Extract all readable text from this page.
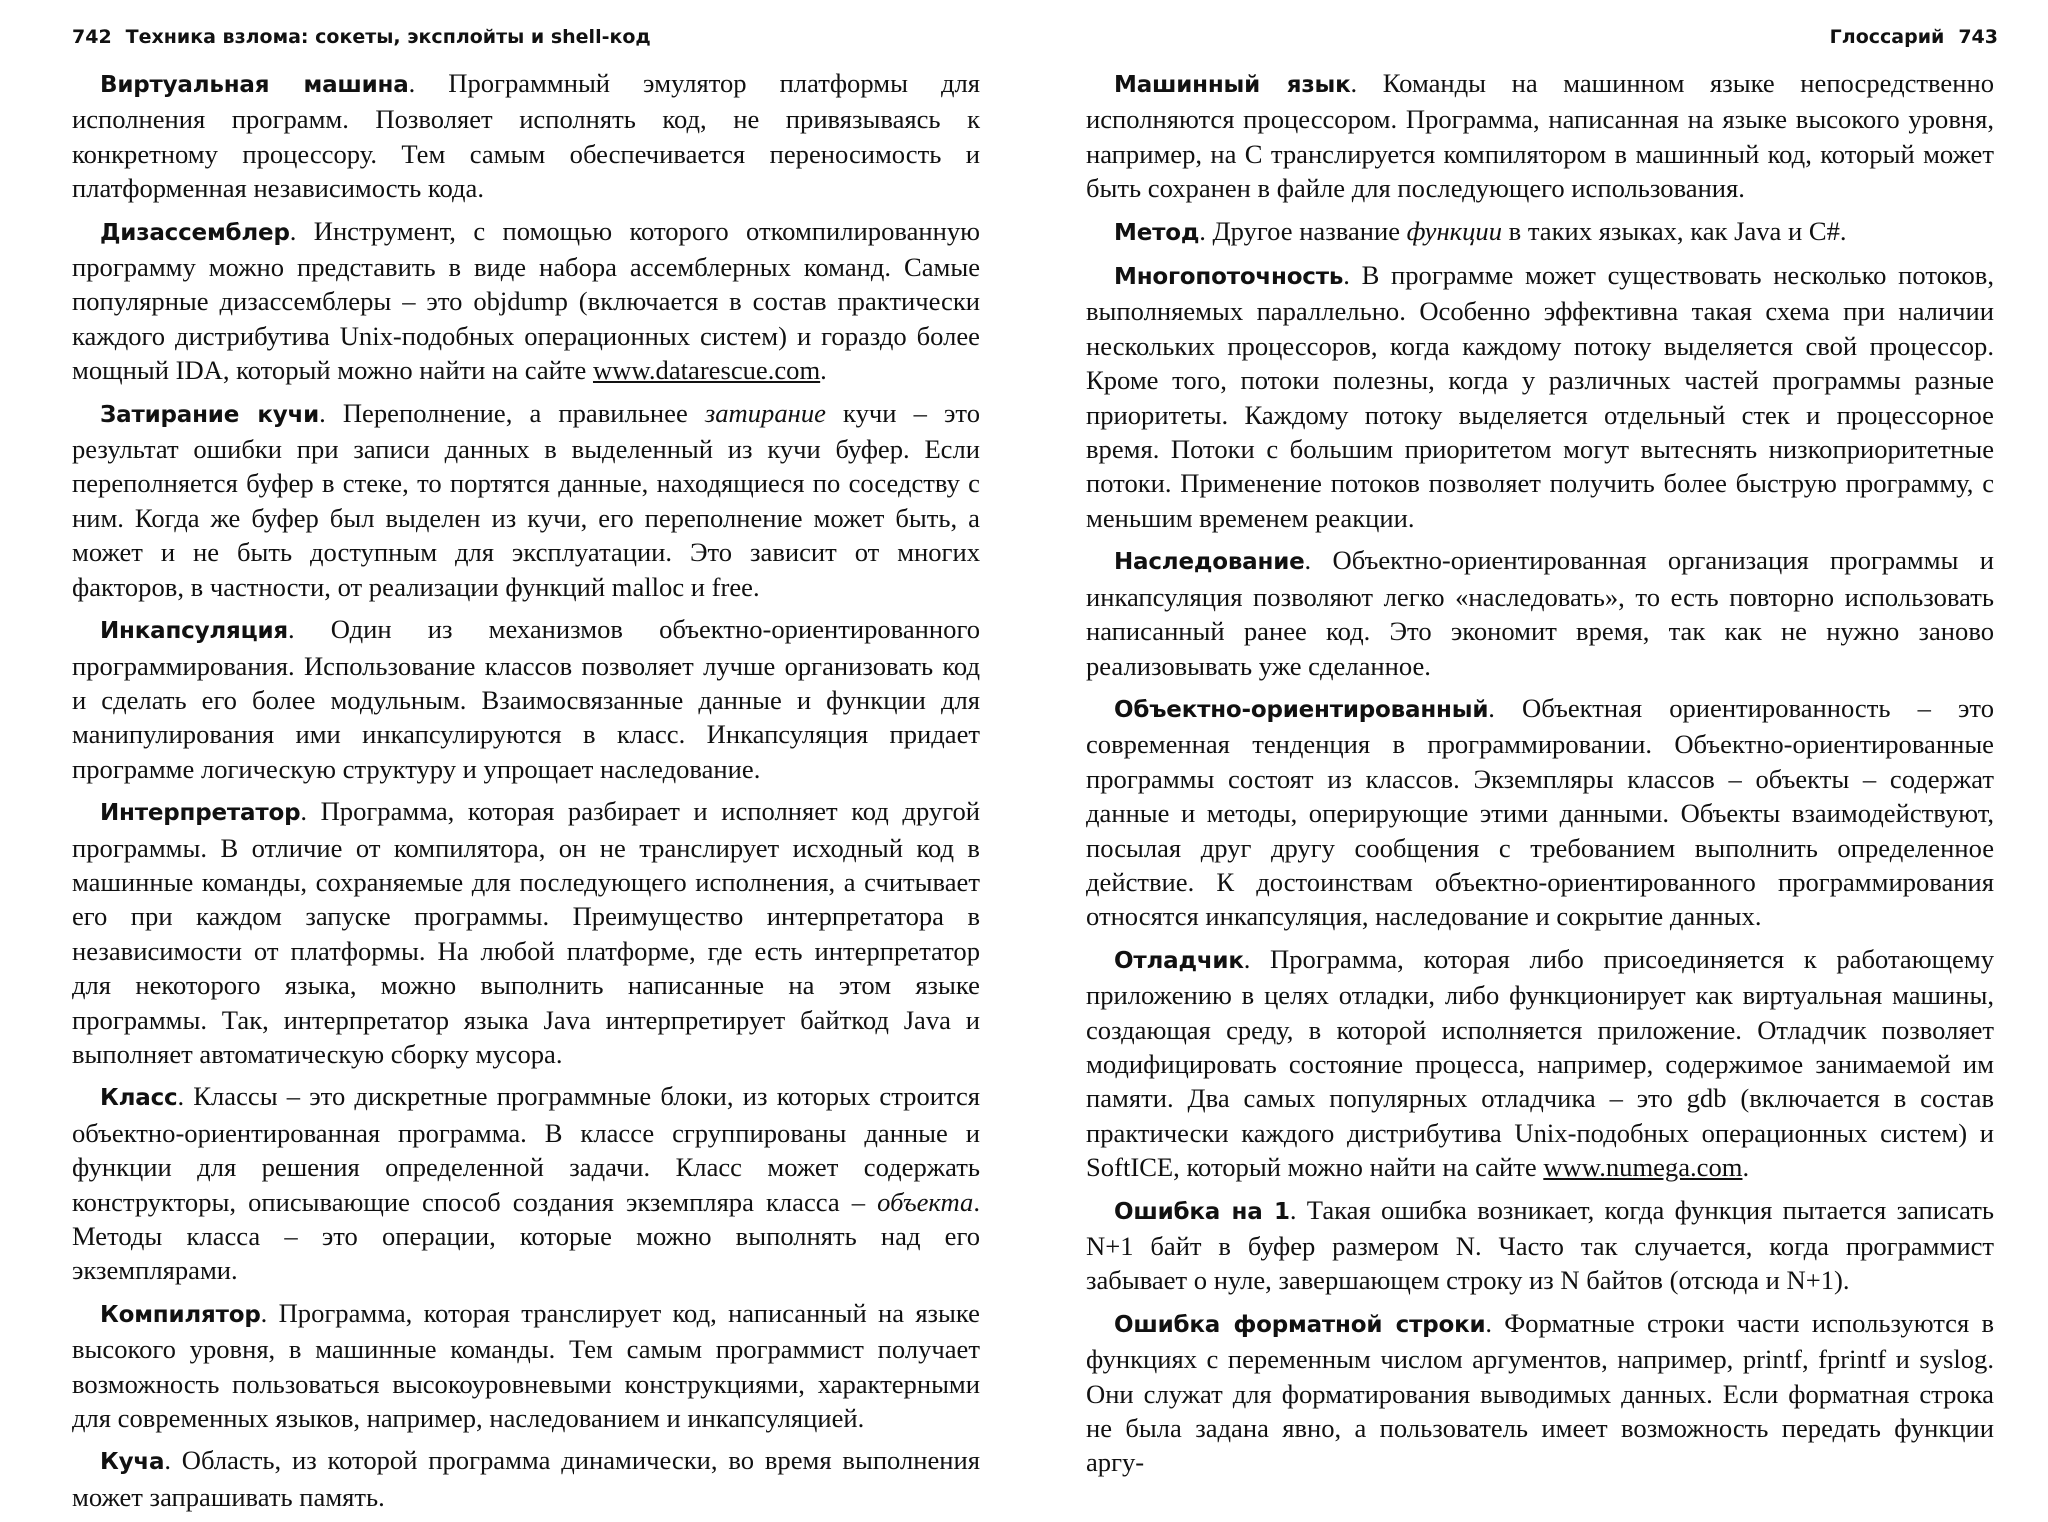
742 Техника взлома: сокеты, эксплойты и shell-код

Виртуальная машина. Программный эмулятор платформы для исполнения программ. Позволяет исполнять код, не привязываясь к конкретному процессору. Тем самым обеспечивается переносимость и платформенная независимость кода.

Дизассемблер. Инструмент, с помощью которого откомпилированную программу можно представить в виде набора ассемблерных команд. Самые популярные дизассемблеры – это objdump (включается в состав практически каждого дистрибутива Unix-подобных операционных систем) и гораздо более мощный IDA, который можно найти на сайте www.datarescue.com.

Затирание кучи. Переполнение, а правильнее затирание кучи – это результат ошибки при записи данных в выделенный из кучи буфер. Если переполняется буфер в стеке, то портятся данные, находящиеся по соседству с ним. Когда же буфер был выделен из кучи, его переполнение может быть, а может и не быть доступным для эксплуатации. Это зависит от многих факторов, в частности, от реализации функций malloc и free.

Инкапсуляция. Один из механизмов объектно-ориентированного программирования. Использование классов позволяет лучше организовать код и сделать его более модульным. Взаимосвязанные данные и функции для манипулирования ими инкапсулируются в класс. Инкапсуляция придает программе логическую структуру и упрощает наследование.

Интерпретатор. Программа, которая разбирает и исполняет код другой программы. В отличие от компилятора, он не транслирует исходный код в машинные команды, сохраняемые для последующего исполнения, а считывает его при каждом запуске программы. Преимущество интерпретатора в независимости от платформы. На любой платформе, где есть интерпретатор для некоторого языка, можно выполнить написанные на этом языке программы. Так, интерпретатор языка Java интерпретирует байткод Java и выполняет автоматическую сборку мусора.

Класс. Классы – это дискретные программные блоки, из которых строится объектно-ориентированная программа. В классе сгруппированы данные и функции для решения определенной задачи. Класс может содержать конструкторы, описывающие способ создания экземпляра класса – объекта. Методы класса – это операции, которые можно выполнять над его экземплярами.

Компилятор. Программа, которая транслирует код, написанный на языке высокого уровня, в машинные команды. Тем самым программист получает возможность пользоваться высокоуровневыми конструкциями, характерными для современных языков, например, наследованием и инкапсуляцией.

Куча. Область, из которой программа динамически, во время выполнения может запрашивать память.

Глоссарий 743

Машинный язык. Команды на машинном языке непосредственно исполняются процессором. Программа, написанная на языке высокого уровня, например, на C транслируется компилятором в машинный код, который может быть сохранен в файле для последующего использования.

Метод. Другое название функции в таких языках, как Java и C#.

Многопоточность. В программе может существовать несколько потоков, выполняемых параллельно. Особенно эффективна такая схема при наличии нескольких процессоров, когда каждому потоку выделяется свой процессор. Кроме того, потоки полезны, когда у различных частей программы разные приоритеты. Каждому потоку выделяется отдельный стек и процессорное время. Потоки с большим приоритетом могут вытеснять низкоприоритетные потоки. Применение потоков позволяет получить более быструю программу, с меньшим временем реакции.

Наследование. Объектно-ориентированная организация программы и инкапсуляция позволяют легко «наследовать», то есть повторно использовать написанный ранее код. Это экономит время, так как не нужно заново реализовывать уже сделанное.

Объектно-ориентированный. Объектная ориентированность – это современная тенденция в программировании. Объектно-ориентированные программы состоят из классов. Экземпляры классов – объекты – содержат данные и методы, оперирующие этими данными. Объекты взаимодействуют, посылая друг другу сообщения с требованием выполнить определенное действие. К достоинствам объектно-ориентированного программирования относятся инкапсуляция, наследование и сокрытие данных.

Отладчик. Программа, которая либо присоединяется к работающему приложению в целях отладки, либо функционирует как виртуальная машины, создающая среду, в которой исполняется приложение. Отладчик позволяет модифицировать состояние процесса, например, содержимое занимаемой им памяти. Два самых популярных отладчика – это gdb (включается в состав практически каждого дистрибутива Unix-подобных операционных систем) и SoftICE, который можно найти на сайте www.numega.com.

Ошибка на 1. Такая ошибка возникает, когда функция пытается записать N+1 байт в буфер размером N. Часто так случается, когда программист забывает о нуле, завершающем строку из N байтов (отсюда и N+1).

Ошибка форматной строки. Форматные строки части используются в функциях с переменным числом аргументов, например, printf, fprintf и syslog. Они служат для форматирования выводимых данных. Если форматная строка не была задана явно, а пользователь имеет возможность передать функции аргу-
